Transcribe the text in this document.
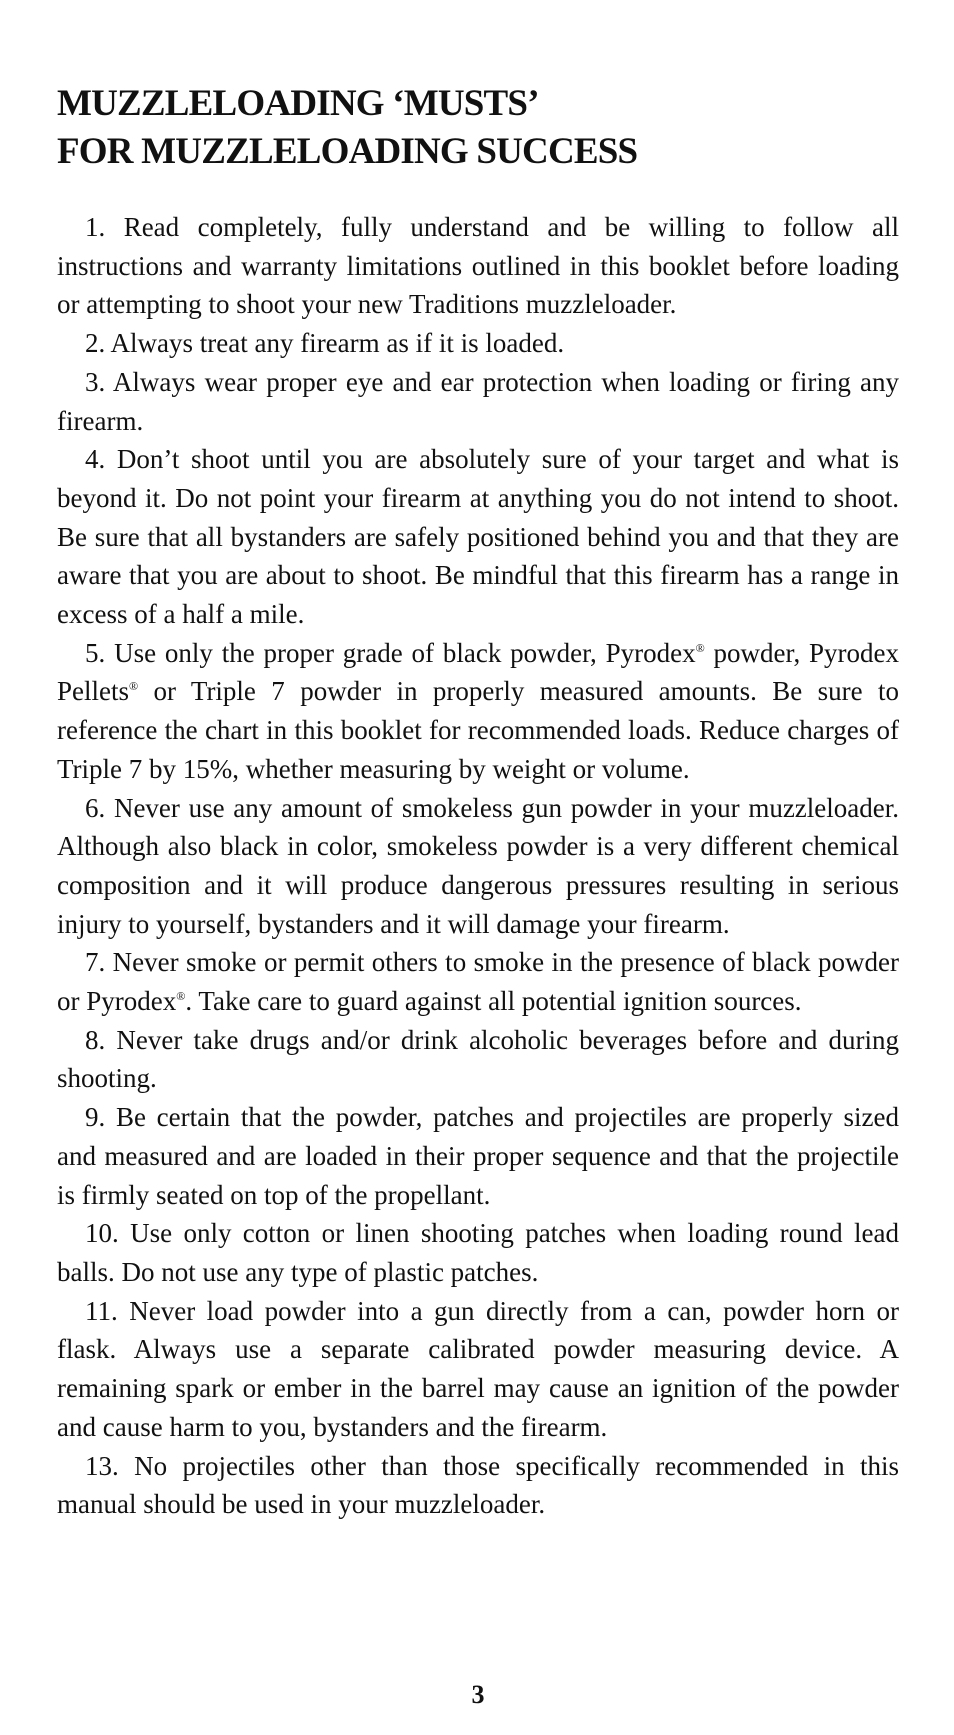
MUZZLELOADING ‘MUSTS’
FOR MUZZLELOADING SUCCESS

1. Read completely, fully understand and be willing to follow all instructions and warranty limitations outlined in this booklet before loading or attempting to shoot your new Traditions muzzleloader.

2. Always treat any firearm as if it is loaded.

3. Always wear proper eye and ear protection when loading or firing any firearm.

4. Don’t shoot until you are absolutely sure of your target and what is beyond it. Do not point your firearm at anything you do not intend to shoot. Be sure that all bystanders are safely positioned behind you and that they are aware that you are about to shoot. Be mindful that this firearm has a range in excess of a half a mile.

5. Use only the proper grade of black powder, Pyrodex® powder, Pyrodex Pellets® or Triple 7 powder in properly measured amounts. Be sure to reference the chart in this booklet for recommended loads. Reduce charges of Triple 7 by 15%, whether measuring by weight or volume.

6. Never use any amount of smokeless gun powder in your muzzleloader. Although also black in color, smokeless powder is a very different chemical composition and it will produce dangerous pressures resulting in serious injury to yourself, bystanders and it will damage your firearm.

7. Never smoke or permit others to smoke in the presence of black powder or Pyrodex®. Take care to guard against all potential ignition sources.

8. Never take drugs and/or drink alcoholic beverages before and during shooting.

9. Be certain that the powder, patches and projectiles are properly sized and measured and are loaded in their proper sequence and that the projectile is firmly seated on top of the propellant.

10. Use only cotton or linen shooting patches when loading round lead balls. Do not use any type of plastic patches.

11. Never load powder into a gun directly from a can, powder horn or flask. Always use a separate calibrated powder measuring device. A remaining spark or ember in the barrel may cause an ignition of the powder and cause harm to you, bystanders and the firearm.

13. No projectiles other than those specifically recommended in this manual should be used in your muzzleloader.

3
